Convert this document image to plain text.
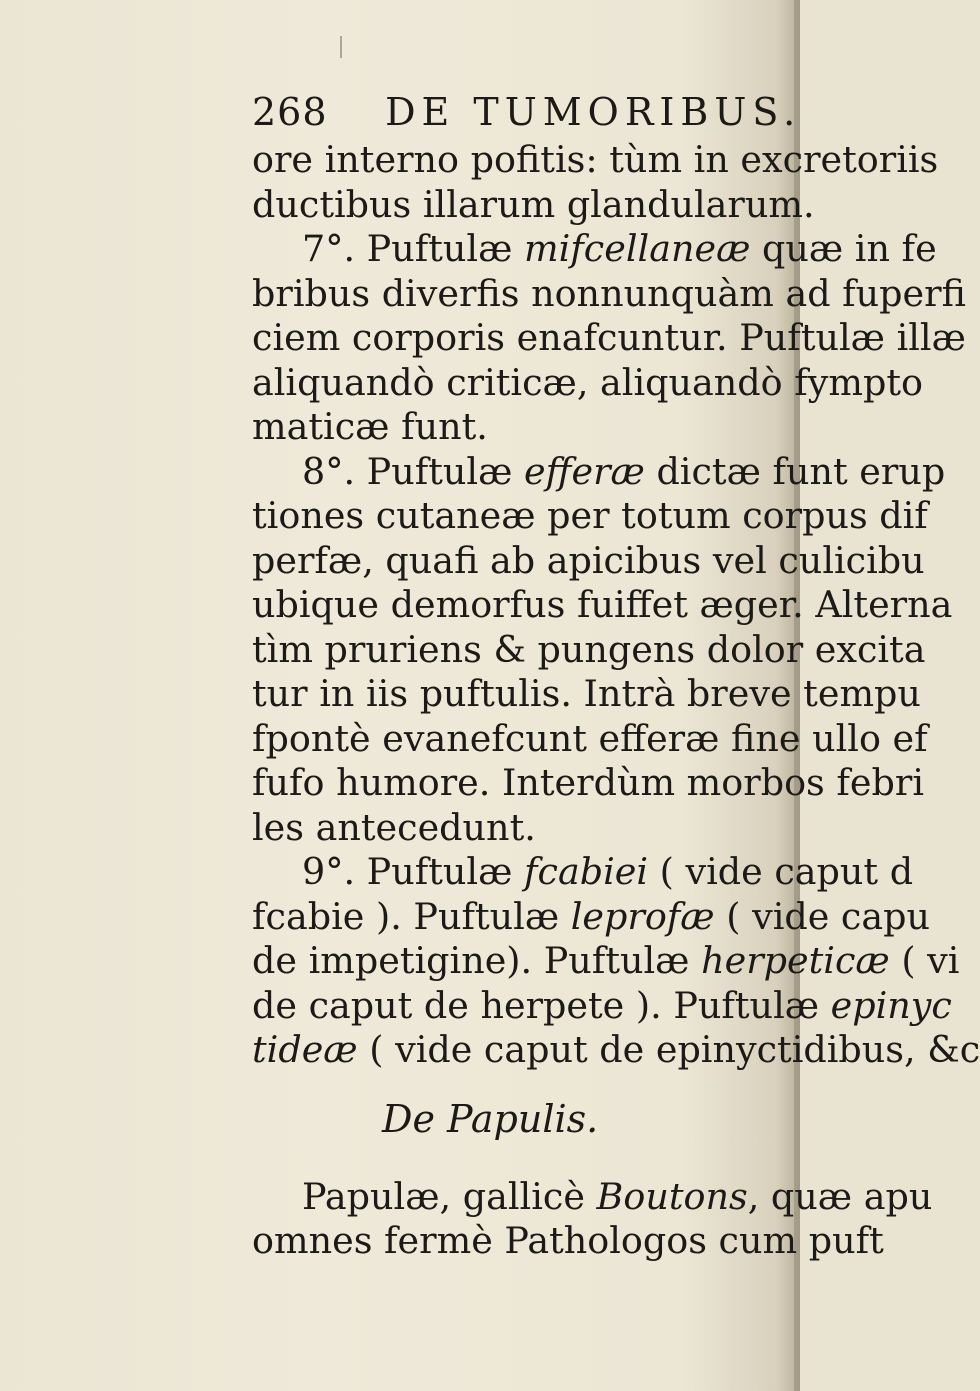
268 DE TUMORIBUS.
ore interno pofitis: tùm in excretoriis
ductibus illarum glandularum.
7°. Puftulæ mifcellaneæ quæ in fe
bribus diverfis nonnunquàm ad fuperfi
ciem corporis enafcuntur. Puftulæ illæ
aliquandò criticæ, aliquandò fympto
maticæ funt.
8°. Puftulæ efferæ dictæ funt erup
tiones cutaneæ per totum corpus dif
perfæ, quafi ab apicibus vel culicibu
ubique demorfus fuiffet æger. Alterna
tìm pruriens & pungens dolor excita
tur in iis puftulis. Intrà breve tempu
fpontè evanefcunt efferæ fine ullo ef
fufo humore. Interdùm morbos febri
les antecedunt.
9°. Puftulæ fcabiei ( vide caput d
fcabie ). Puftulæ leprofæ ( vide capu
de impetigine). Puftulæ herpeticæ ( vi
de caput de herpete ). Puftulæ epinyc
tideæ ( vide caput de epinyctidibus, &c
De Papulis.
Papulæ, gallicè Boutons, quæ apu
omnes fermè Pathologos cum puft
